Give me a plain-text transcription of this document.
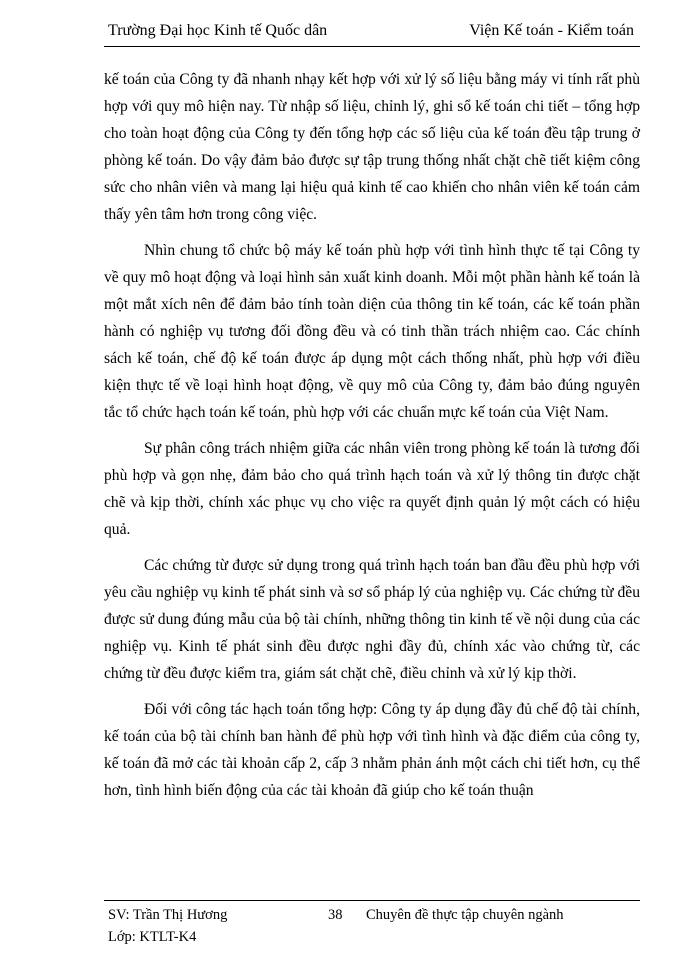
Trường Đại học Kinh tế Quốc dân	Viện Kế toán - Kiểm toán

kế toán của Công ty đã nhanh nhạy kết hợp với xử lý số liệu bằng máy vi tính rất phù hợp với quy mô hiện nay. Từ nhập số liệu, chỉnh lý, ghi sổ kế toán chi tiết – tổng hợp cho toàn hoạt động của Công ty đến tổng hợp các số liệu của kế toán đều tập trung ở phòng kế toán. Do vậy đảm bảo được sự tập trung thống nhất chặt chẽ tiết kiệm công sức cho nhân viên và mang lại hiệu quả kinh tế cao khiến cho nhân viên kế toán cảm thấy yên tâm hơn trong công việc.

Nhìn chung tổ chức bộ máy kế toán phù hợp với tình hình thực tế tại Công ty về quy mô hoạt động và loại hình sản xuất kinh doanh. Mỗi một phần hành kế toán là một mắt xích nên để đảm bảo tính toàn diện của thông tin kế toán, các kế toán phần hành có nghiệp vụ tương đối đồng đều và có tinh thần trách nhiệm cao. Các chính sách kế toán, chế độ kế toán được áp dụng một cách thống nhất, phù hợp với điều kiện thực tế về loại hình hoạt động, về quy mô của Công ty, đảm bảo đúng nguyên tắc tổ chức hạch toán kế toán, phù hợp với các chuẩn mực kế toán của Việt Nam.

Sự phân công trách nhiệm giữa các nhân viên trong phòng kế toán là tương đối phù hợp và gọn nhẹ, đảm bảo cho quá trình hạch toán và xử lý thông tin được chặt chẽ và kịp thời, chính xác phục vụ cho việc ra quyết định quản lý một cách có hiệu quả.

Các chứng từ được sử dụng trong quá trình hạch toán ban đầu đều phù hợp với yêu cầu nghiệp vụ kinh tế phát sinh và sơ sổ pháp lý của nghiệp vụ. Các chứng từ đều được sử dung đúng mẫu của bộ tài chính, những thông tin kinh tế về nội dung của các nghiệp vụ. Kinh tế phát sinh đều được nghi đầy đủ, chính xác vào chứng từ, các chứng từ đều được kiểm tra, giám sát chặt chẽ, điều chỉnh và xử lý kịp thời.

Đối với công tác hạch toán tổng hợp: Công ty áp dụng đầy đủ chế độ tài chính, kế toán của bộ tài chính ban hành để phù hợp với tình hình và đặc điểm của công ty, kế toán đã mở các tài khoản cấp 2, cấp 3 nhằm phản ánh một cách chi tiết hơn, cụ thể hơn, tình hình biến động của các tài khoản đã giúp cho kế toán thuận

SV: Trần Thị Hương
Lớp: KTLT-K4
38 Chuyên đề thực tập chuyên ngành
